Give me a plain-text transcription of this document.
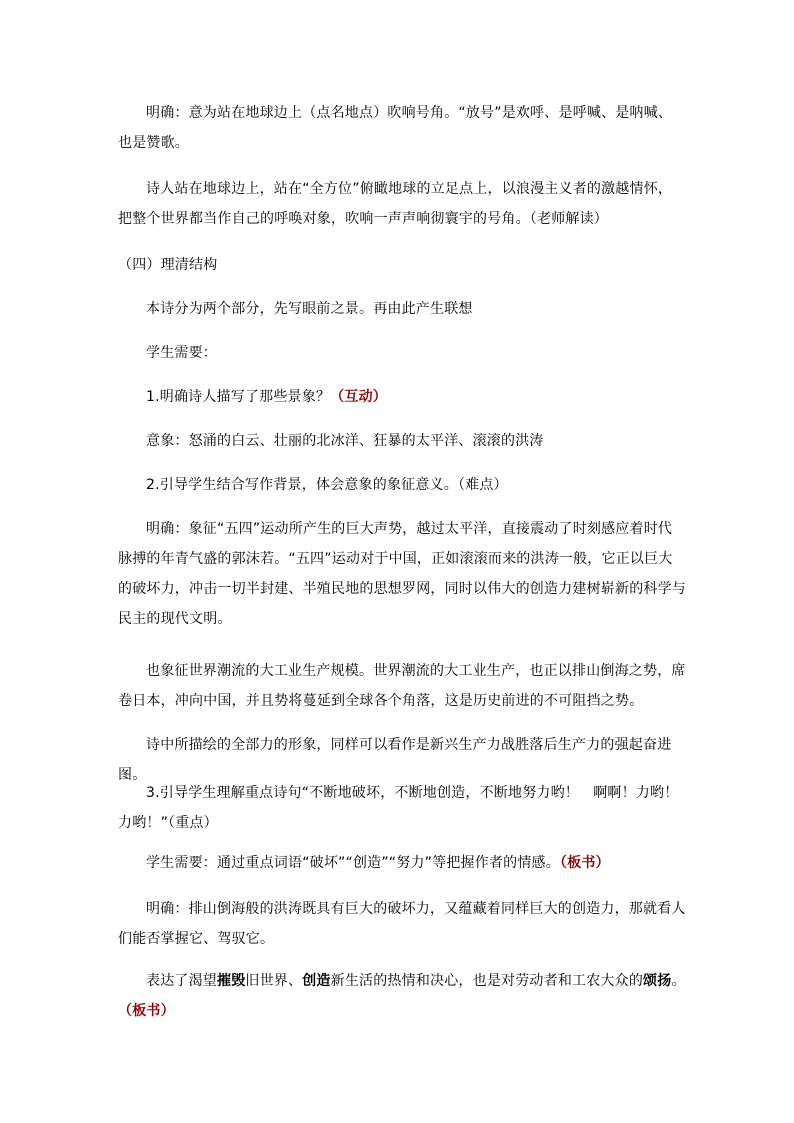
明确：意为站在地球边上（点名地点）吹响号角。“放号”是欢呼、是呼喊、是呐喊、也是赞歌。
诗人站在地球边上，站在“全方位”俯瞰地球的立足点上，以浪漫主义者的激越情怀，把整个世界都当作自己的呼唤对象，吹响一声声响彻寰宇的号角。（老师解读）
（四）理清结构
本诗分为两个部分，先写眼前之景。再由此产生联想
学生需要：
1.明确诗人描写了那些景象？（互动）
意象：怒涌的白云、壮丽的北冰洋、狂暴的太平洋、滚滚的洪涛
2.引导学生结合写作背景，体会意象的象征意义。（难点）
明确：象征“五四”运动所产生的巨大声势，越过太平洋，直接震动了时刻感应着时代脉搏的年青气盛的郭沫若。“五四”运动对于中国，正如滚滚而来的洪涛一般，它正以巨大的破坏力，冲击一切半封建、半殖民地的思想罗网，同时以伟大的创造力建树崭新的科学与民主的现代文明。
也象征世界潮流的大工业生产规模。世界潮流的大工业生产，也正以排山倒海之势，席卷日本，冲向中国，并且势将蔓延到全球各个角落，这是历史前进的不可阻挡之势。
诗中所描绘的全部力的形象，同样可以看作是新兴生产力战胜落后生产力的强起奋进图。
3.引导学生理解重点诗句“不断地破坏，不断地创造，不断地努力哟！　啊啊！力哟！力哟！”（重点）
学生需要：通过重点词语“破坏”“创造”“努力”等把握作者的情感。（板书）
明确：排山倒海般的洪涛既具有巨大的破坏力，又蕴藏着同样巨大的创造力，那就看人们能否掌握它、驾驭它。
表达了渴望摧毁旧世界、创造新生活的热情和决心，也是对劳动者和工农大众的颂扬。（板书）
